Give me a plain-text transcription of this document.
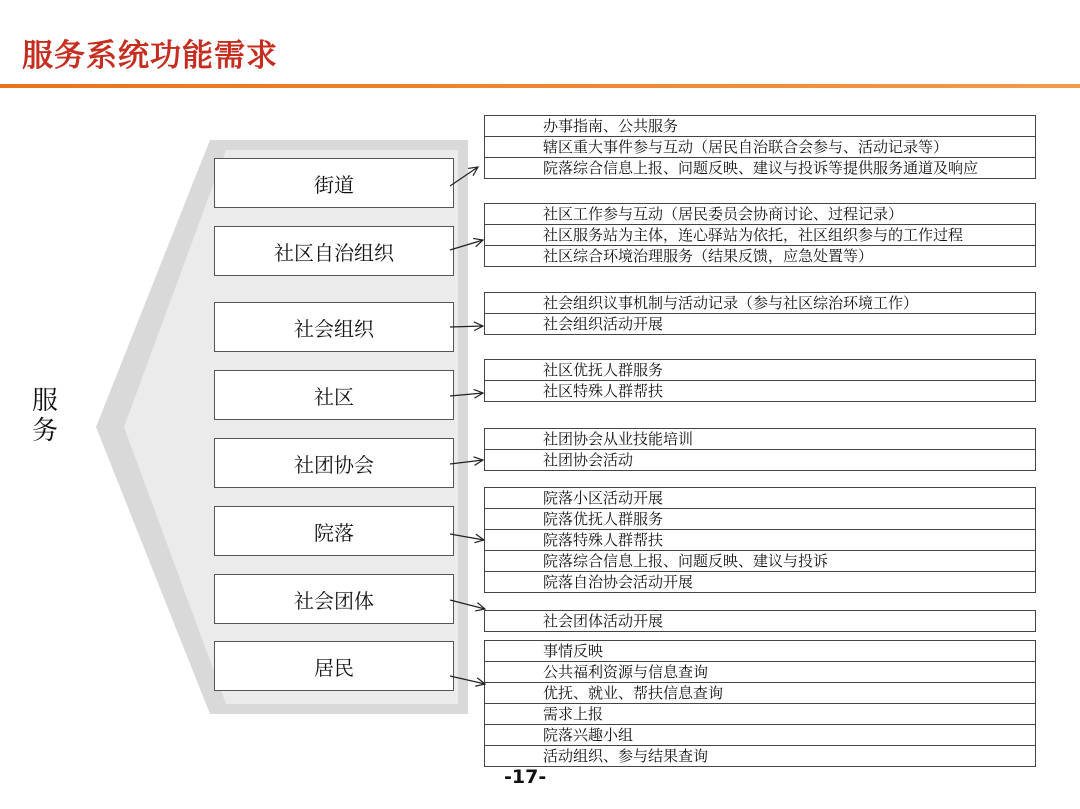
服务系统功能需求
服
务
街道
社区自治组织
社会组织
社区
社团协会
院落
社会团体
居民
办事指南、公共服务
辖区重大事件参与互动（居民自治联合会参与、活动记录等）
院落综合信息上报、问题反映、建议与投诉等提供服务通道及响应
社区工作参与互动（居民委员会协商讨论、过程记录）
社区服务站为主体，连心驿站为依托，社区组织参与的工作过程
社区综合环境治理服务（结果反馈，应急处置等）
社会组织议事机制与活动记录（参与社区综治环境工作）
社会组织活动开展
社区优抚人群服务
社区特殊人群帮扶
社团协会从业技能培训
社团协会活动
院落小区活动开展
院落优抚人群服务
院落特殊人群帮扶
院落综合信息上报、问题反映、建议与投诉
院落自治协会活动开展
社会团体活动开展
事情反映
公共福利资源与信息查询
优抚、就业、帮扶信息查询
需求上报
院落兴趣小组
活动组织、参与结果查询
-17-
